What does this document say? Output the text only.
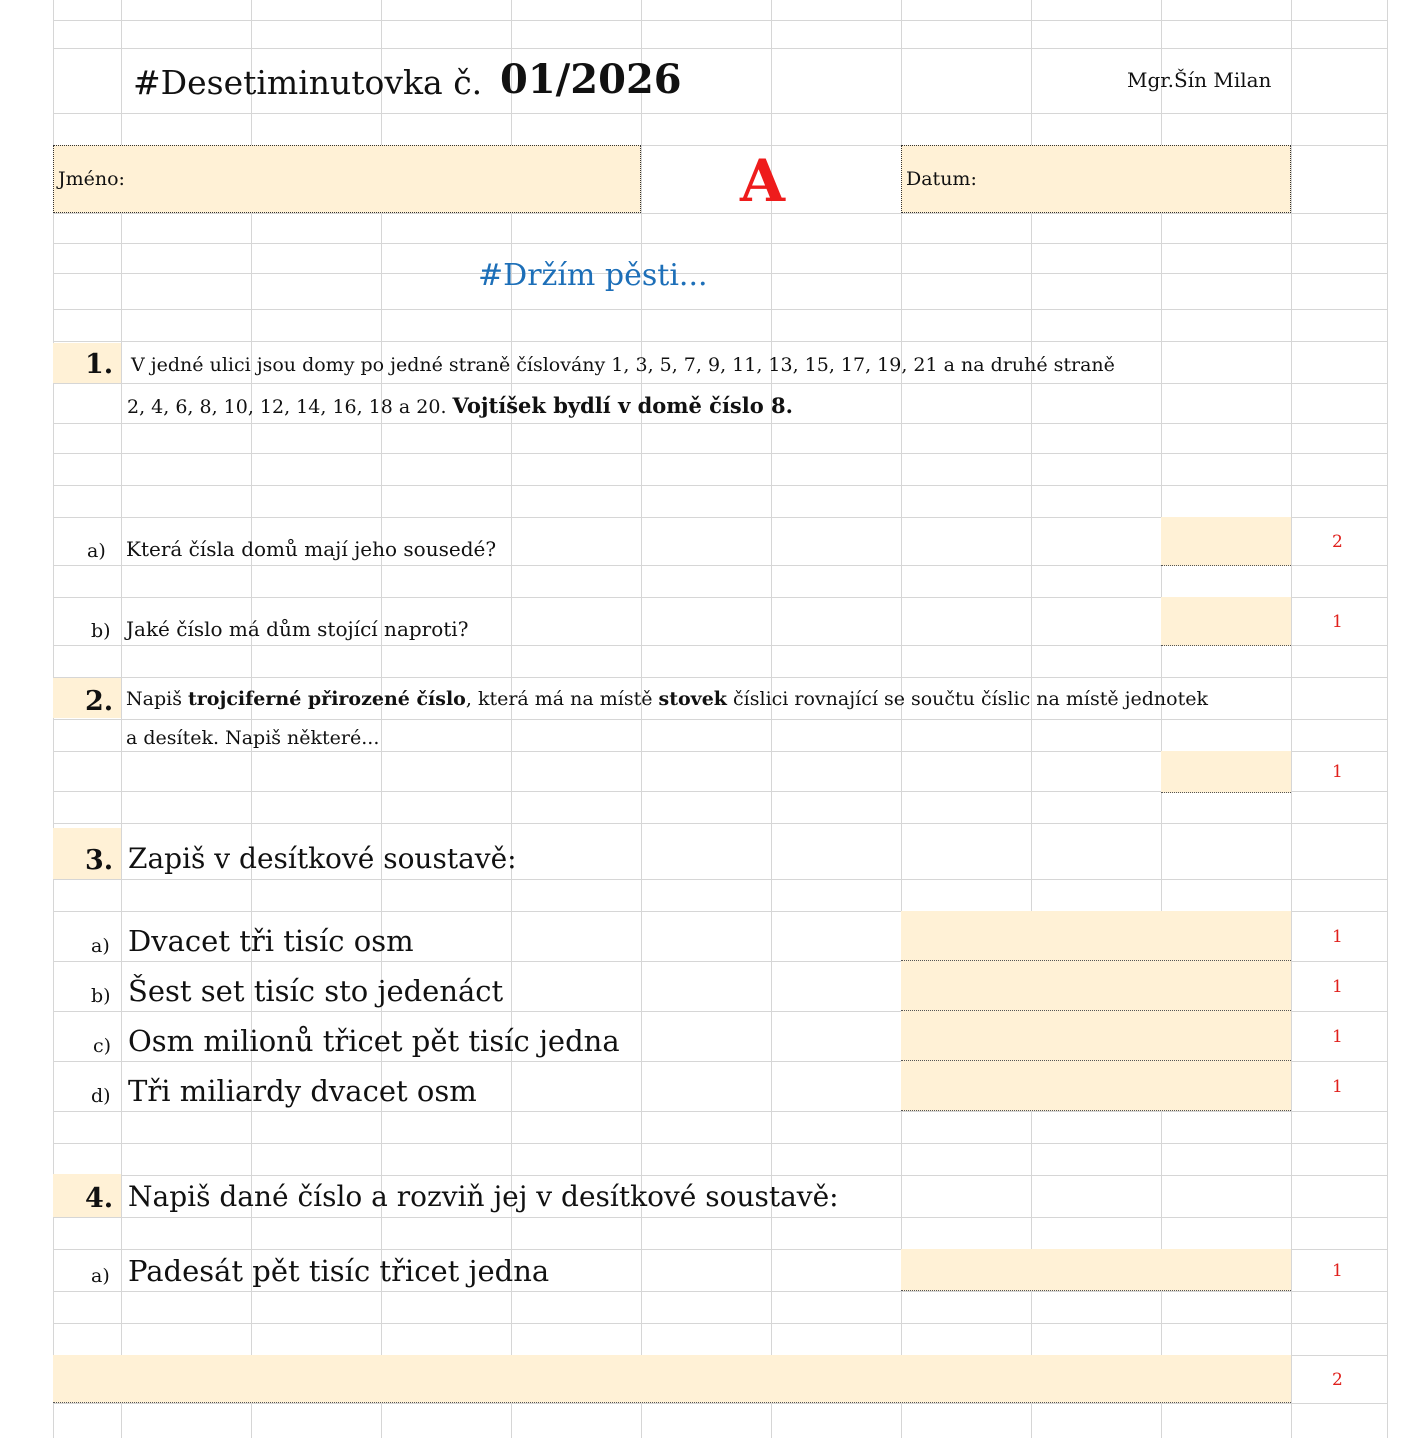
#Desetiminutovka č. 01/2026	Mgr.Šín Milan
Jméno:	A	Datum:
#Držím pěsti...
1. V jedné ulici jsou domy po jedné straně číslovány 1, 3, 5, 7, 9, 11, 13, 15, 17, 19, 21 a na druhé straně
2, 4, 6, 8, 10, 12, 14, 16, 18 a 20. Vojtíšek bydlí v domě číslo 8.
a) Která čísla domů mají jeho sousedé?	2
b) Jaké číslo má dům stojící naproti?	1
2. Napiš trojciferné přirozené číslo, která má na místě stovek číslici rovnající se součtu číslic na místě jednotek
a desítek. Napiš některé...
1
3. Zapiš v desítkové soustavě:
a) Dvacet tři tisíc osm	1
b) Šest set tisíc sto jedenáct	1
c) Osm milionů třicet pět tisíc jedna	1
d) Tři miliardy dvacet osm	1
4. Napiš dané číslo a rozviň jej v desítkové soustavě:
a) Padesát pět tisíc třicet jedna	1
2
